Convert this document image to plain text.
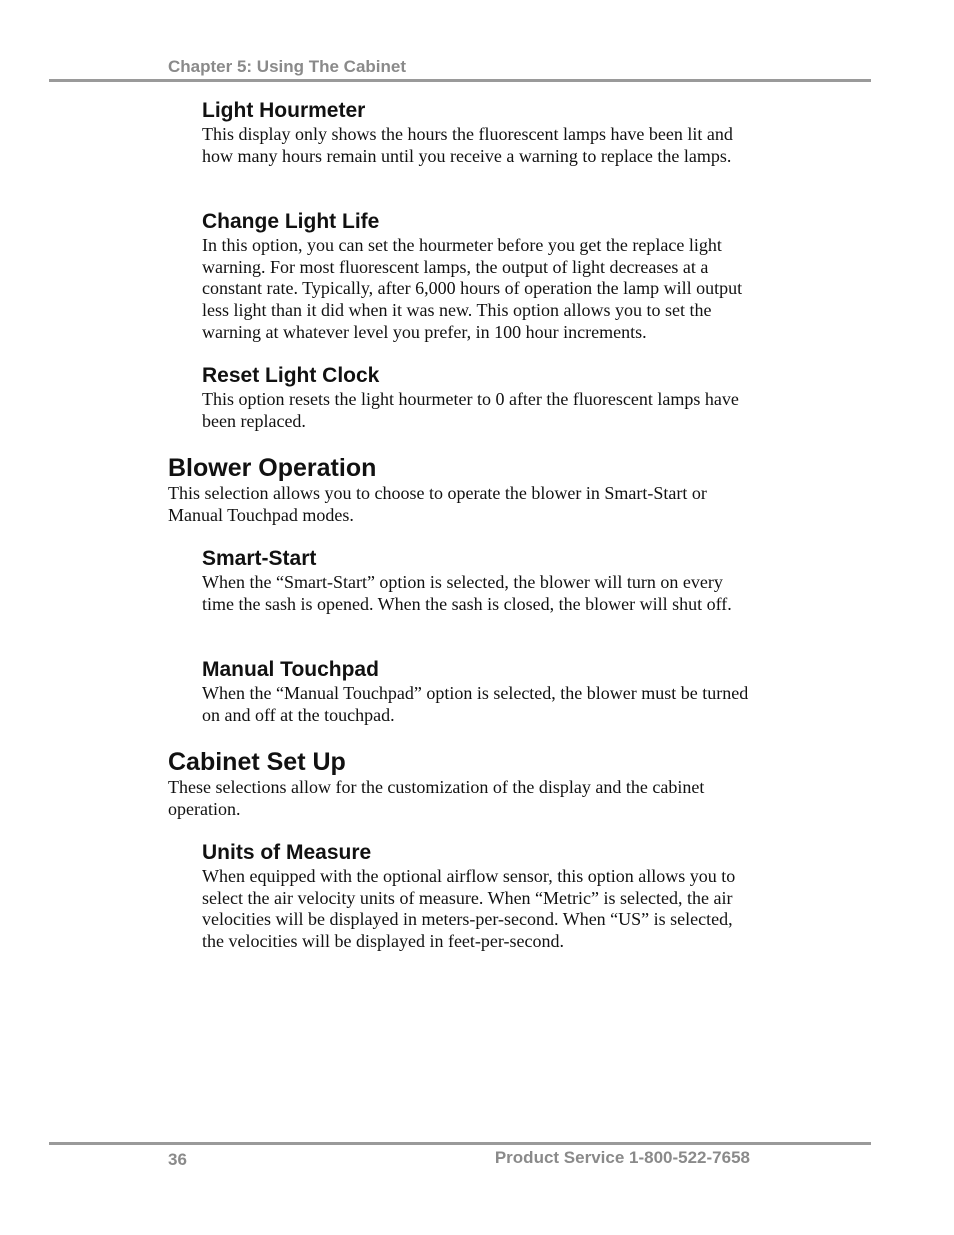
Chapter 5: Using The Cabinet
Light Hourmeter

This display only shows the hours the fluorescent lamps have been lit and how many hours remain until you receive a warning to replace the lamps.

Change Light Life

In this option, you can set the hourmeter before you get the replace light warning. For most fluorescent lamps, the output of light decreases at a constant rate. Typically, after 6,000 hours of operation the lamp will output less light than it did when it was new. This option allows you to set the warning at whatever level you prefer, in 100 hour increments.

Reset Light Clock

This option resets the light hourmeter to 0 after the fluorescent lamps have been replaced.

Blower Operation

This selection allows you to choose to operate the blower in Smart-Start or Manual Touchpad modes.

Smart-Start

When the “Smart-Start” option is selected, the blower will turn on every time the sash is opened. When the sash is closed, the blower will shut off.

Manual Touchpad

When the “Manual Touchpad” option is selected, the blower must be turned on and off at the touchpad.

Cabinet Set Up

These selections allow for the customization of the display and the cabinet operation.

Units of Measure

When equipped with the optional airflow sensor, this option allows you to select the air velocity units of measure. When “Metric” is selected, the air velocities will be displayed in meters-per-second. When “US” is selected, the velocities will be displayed in feet-per-second.

36	Product Service 1-800-522-7658
